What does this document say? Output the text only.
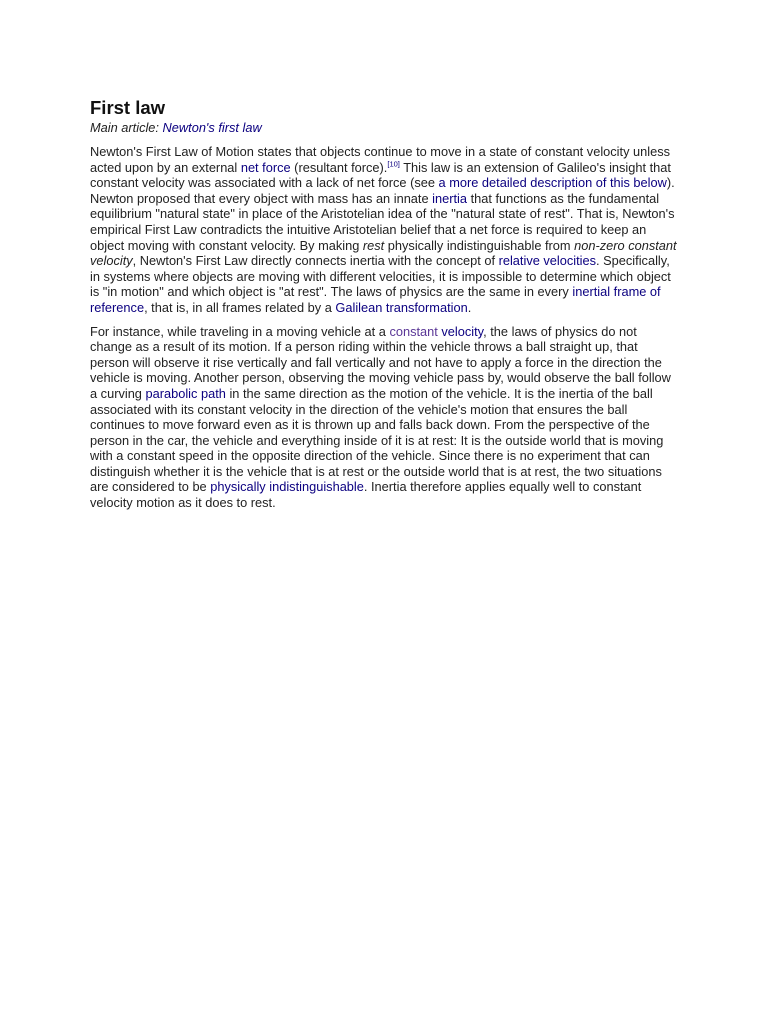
First law
Main article: Newton's first law

Newton's First Law of Motion states that objects continue to move in a state of constant velocity unless acted upon by an external net force (resultant force).[10] This law is an extension of Galileo's insight that constant velocity was associated with a lack of net force (see a more detailed description of this below). Newton proposed that every object with mass has an innate inertia that functions as the fundamental equilibrium "natural state" in place of the Aristotelian idea of the "natural state of rest". That is, Newton's empirical First Law contradicts the intuitive Aristotelian belief that a net force is required to keep an object moving with constant velocity. By making rest physically indistinguishable from non-zero constant velocity, Newton's First Law directly connects inertia with the concept of relative velocities. Specifically, in systems where objects are moving with different velocities, it is impossible to determine which object is "in motion" and which object is "at rest". The laws of physics are the same in every inertial frame of reference, that is, in all frames related by a Galilean transformation.

For instance, while traveling in a moving vehicle at a constant velocity, the laws of physics do not change as a result of its motion. If a person riding within the vehicle throws a ball straight up, that person will observe it rise vertically and fall vertically and not have to apply a force in the direction the vehicle is moving. Another person, observing the moving vehicle pass by, would observe the ball follow a curving parabolic path in the same direction as the motion of the vehicle. It is the inertia of the ball associated with its constant velocity in the direction of the vehicle's motion that ensures the ball continues to move forward even as it is thrown up and falls back down. From the perspective of the person in the car, the vehicle and everything inside of it is at rest: It is the outside world that is moving with a constant speed in the opposite direction of the vehicle. Since there is no experiment that can distinguish whether it is the vehicle that is at rest or the outside world that is at rest, the two situations are considered to be physically indistinguishable. Inertia therefore applies equally well to constant velocity motion as it does to rest.
